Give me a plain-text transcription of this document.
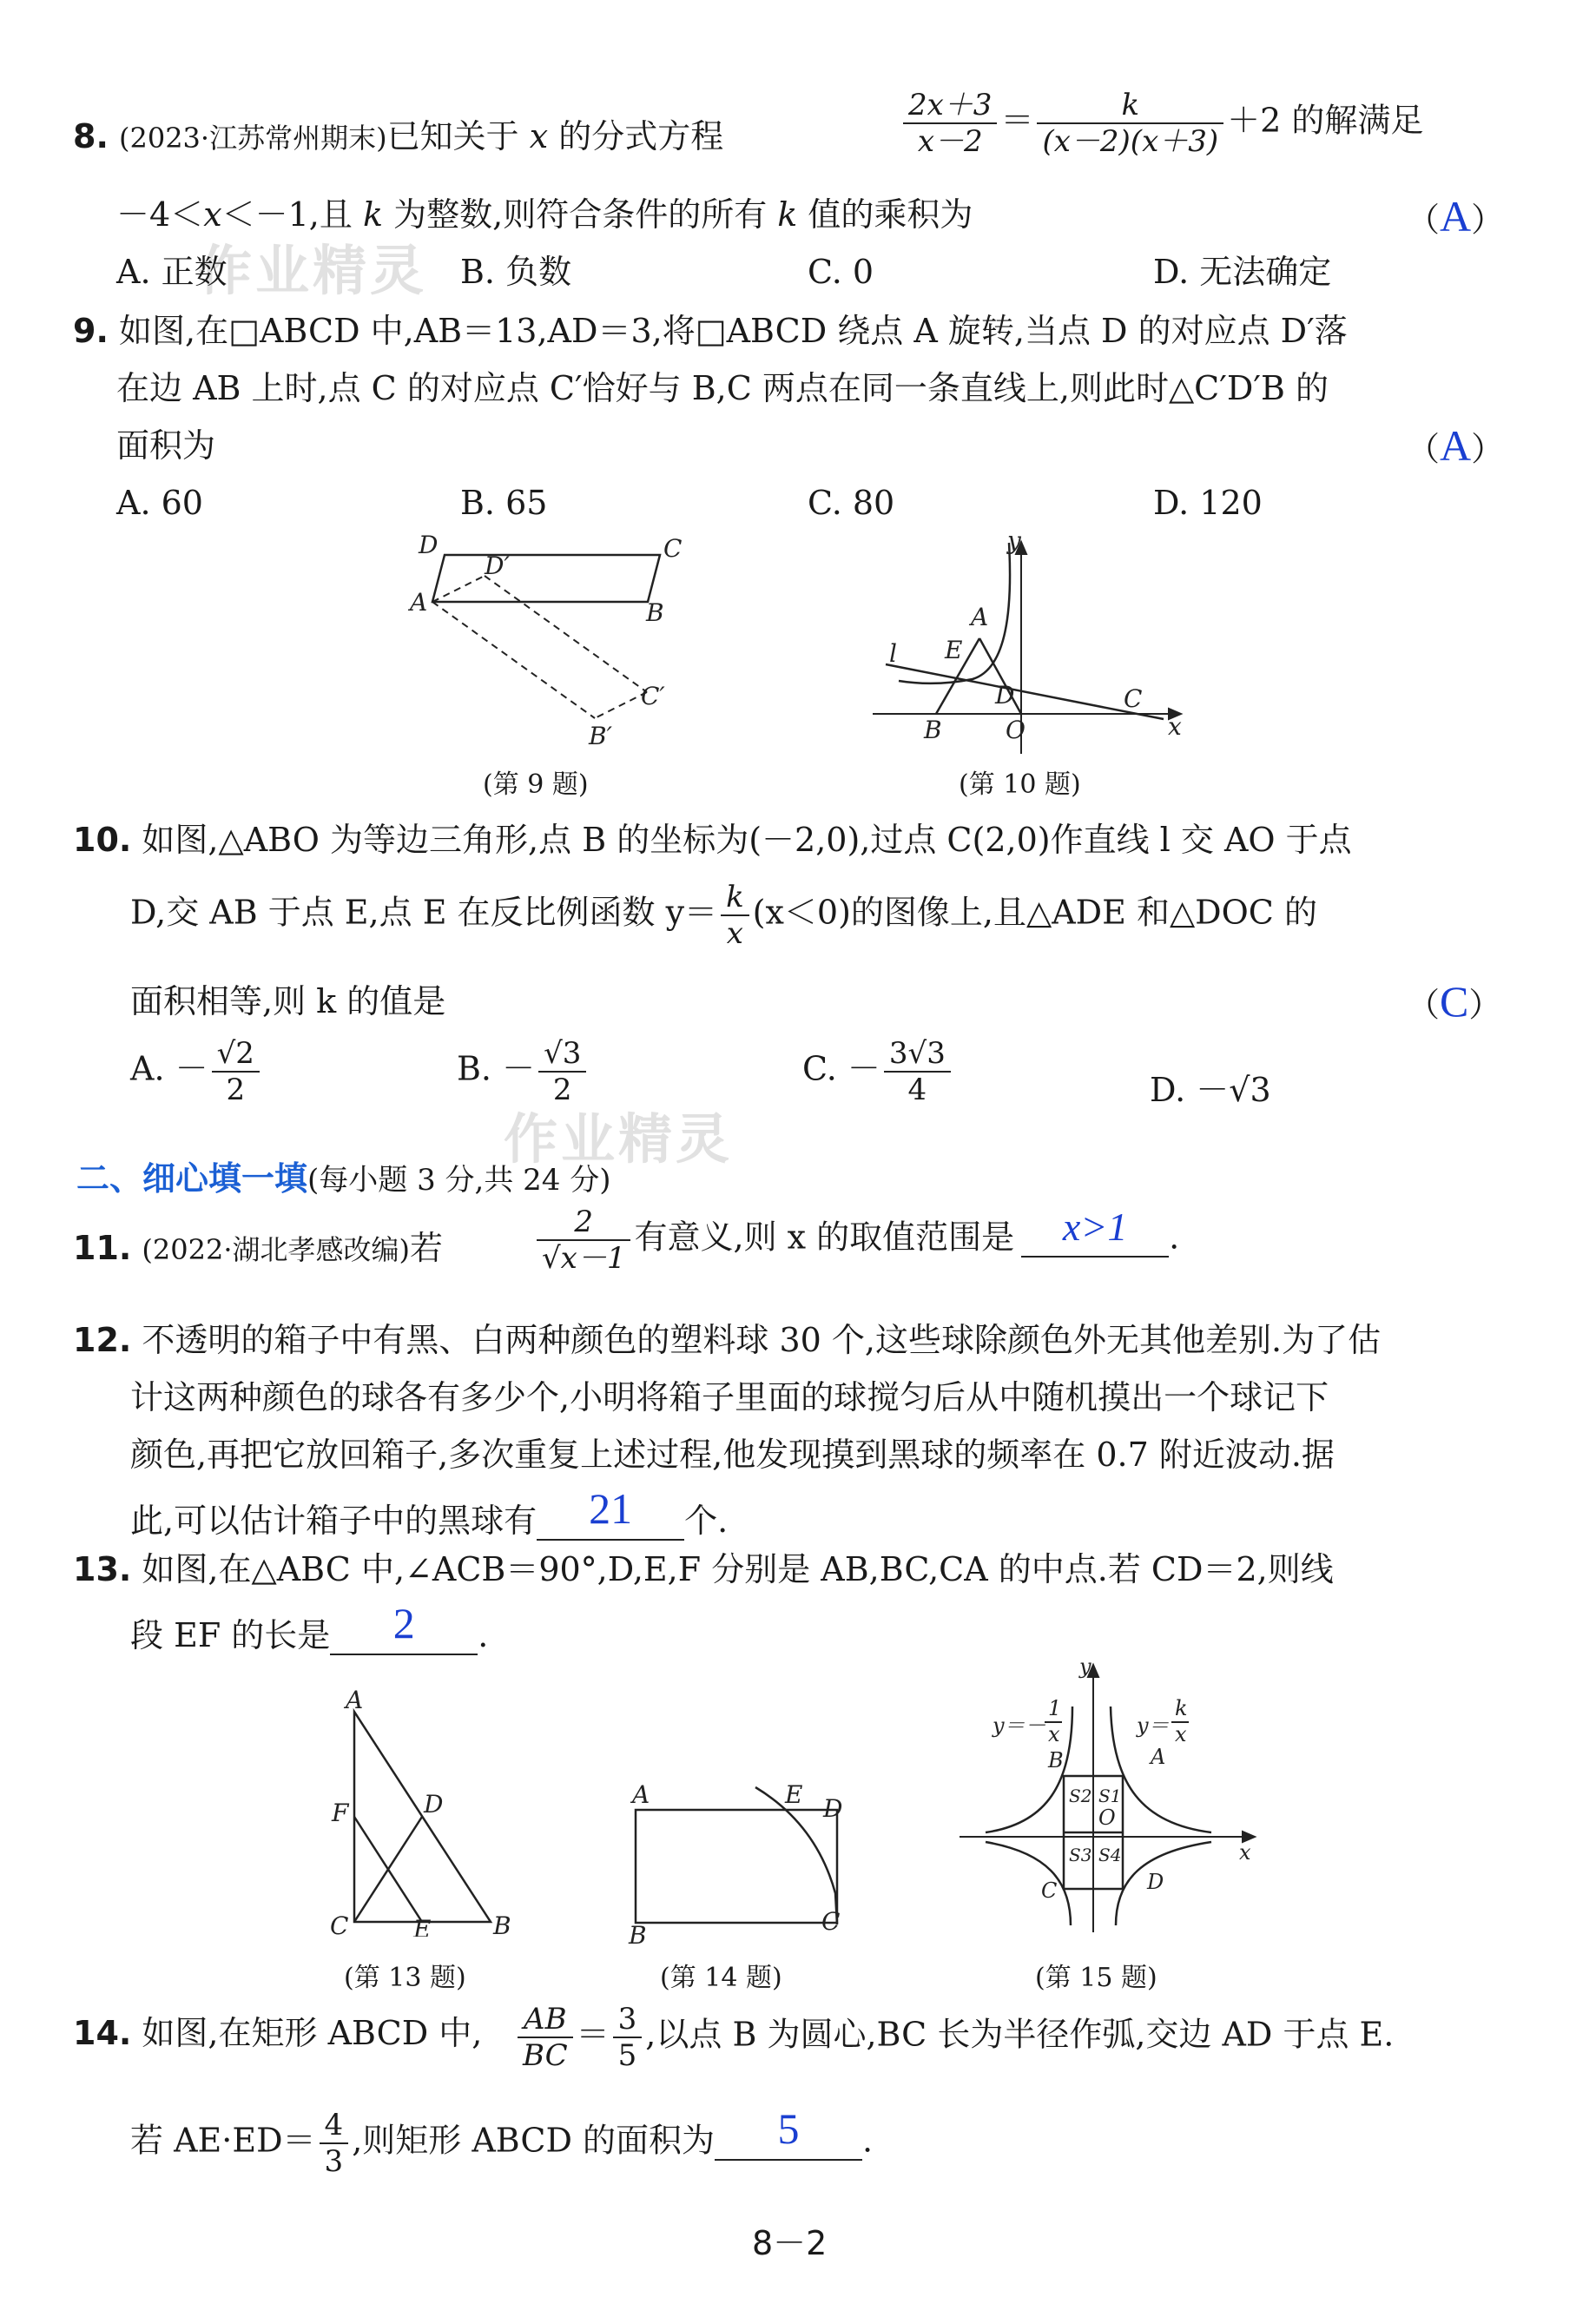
作业精灵
作业精灵
8. (2023·江苏常州期末)已知关于 x 的分式方程	$\frac{2x+3}{x-2} = \frac{k}{(x-2)(x+3)} +2$ 的解满足
－4＜x＜－1,且 k 为整数,则符合条件的所有 k 值的乘积为	（A）
A. 正数	B. 负数	C. 0	D. 无法确定
9. 如图,在□ABCD 中,AB＝13,AD＝3,将□ABCD 绕点 A 旋转,当点 D 的对应点 D′落
在边 AB 上时,点 C 的对应点 C′恰好与 B,C 两点在同一条直线上,则此时△C′D′B 的
面积为	（A）
A. 60	B. 65	C. 80	D. 120
D
D′
C
A	B
C′
B′
(第 9 题)
y
x
A
l E
D	C
B	O
(第 10 题)
10. 如图,△ABO 为等边三角形,点 B 的坐标为(－2,0),过点 C(2,0)作直线 l 交 AO 于点
D,交 AB 于点 E,点 E 在反比例函数 $y= \frac{k}{x} (x<0)$的图像上,且△ADE 和△DOC 的
面积相等,则 k 的值是	（C）
A. － $\frac{√2}{2}$	B. － $\frac{√3}{2}$	C. － $\frac{3√3}{4}$	D. －√3
二、细心填一填(每小题 3 分,共 24 分)
11. (2022·湖北孝感改编)若	$\frac{2}{√x-1}$ 有意义,则 x 的取值范围是 x>1 .
12. 不透明的箱子中有黑、白两种颜色的塑料球 30 个,这些球除颜色外无其他差别.为了估
计这两种颜色的球各有多少个,小明将箱子里面的球搅匀后从中随机摸出一个球记下
颜色,再把它放回箱子,多次重复上述过程,他发现摸到黑球的频率在 0.7 附近波动.据
此,可以估计箱子中的黑球有 21 个.
13. 如图,在△ABC 中,∠ACB＝90°,D,E,F 分别是 AB,BC,CA 的中点.若 CD＝2,则线
段 EF 的长是 2 .
A
F	D
C	E	B
(第 13 题)
A	E D
B	C
(第 14 题)
y
x
y＝－
1
x	y＝
k
x
B	A
O
C	D
S2 S1
S3 S4
(第 15 题)
14. 如图,在矩形 ABCD 中, $\frac{AB}{BC} = \frac{3}{5}$ ,以点 B 为圆心,BC 长为半径作弧,交边 AD 于点 E.
若 $AE\cdot ED= \frac{4}{3}$ ,则矩形 ABCD 的面积为 5 .
8－2
